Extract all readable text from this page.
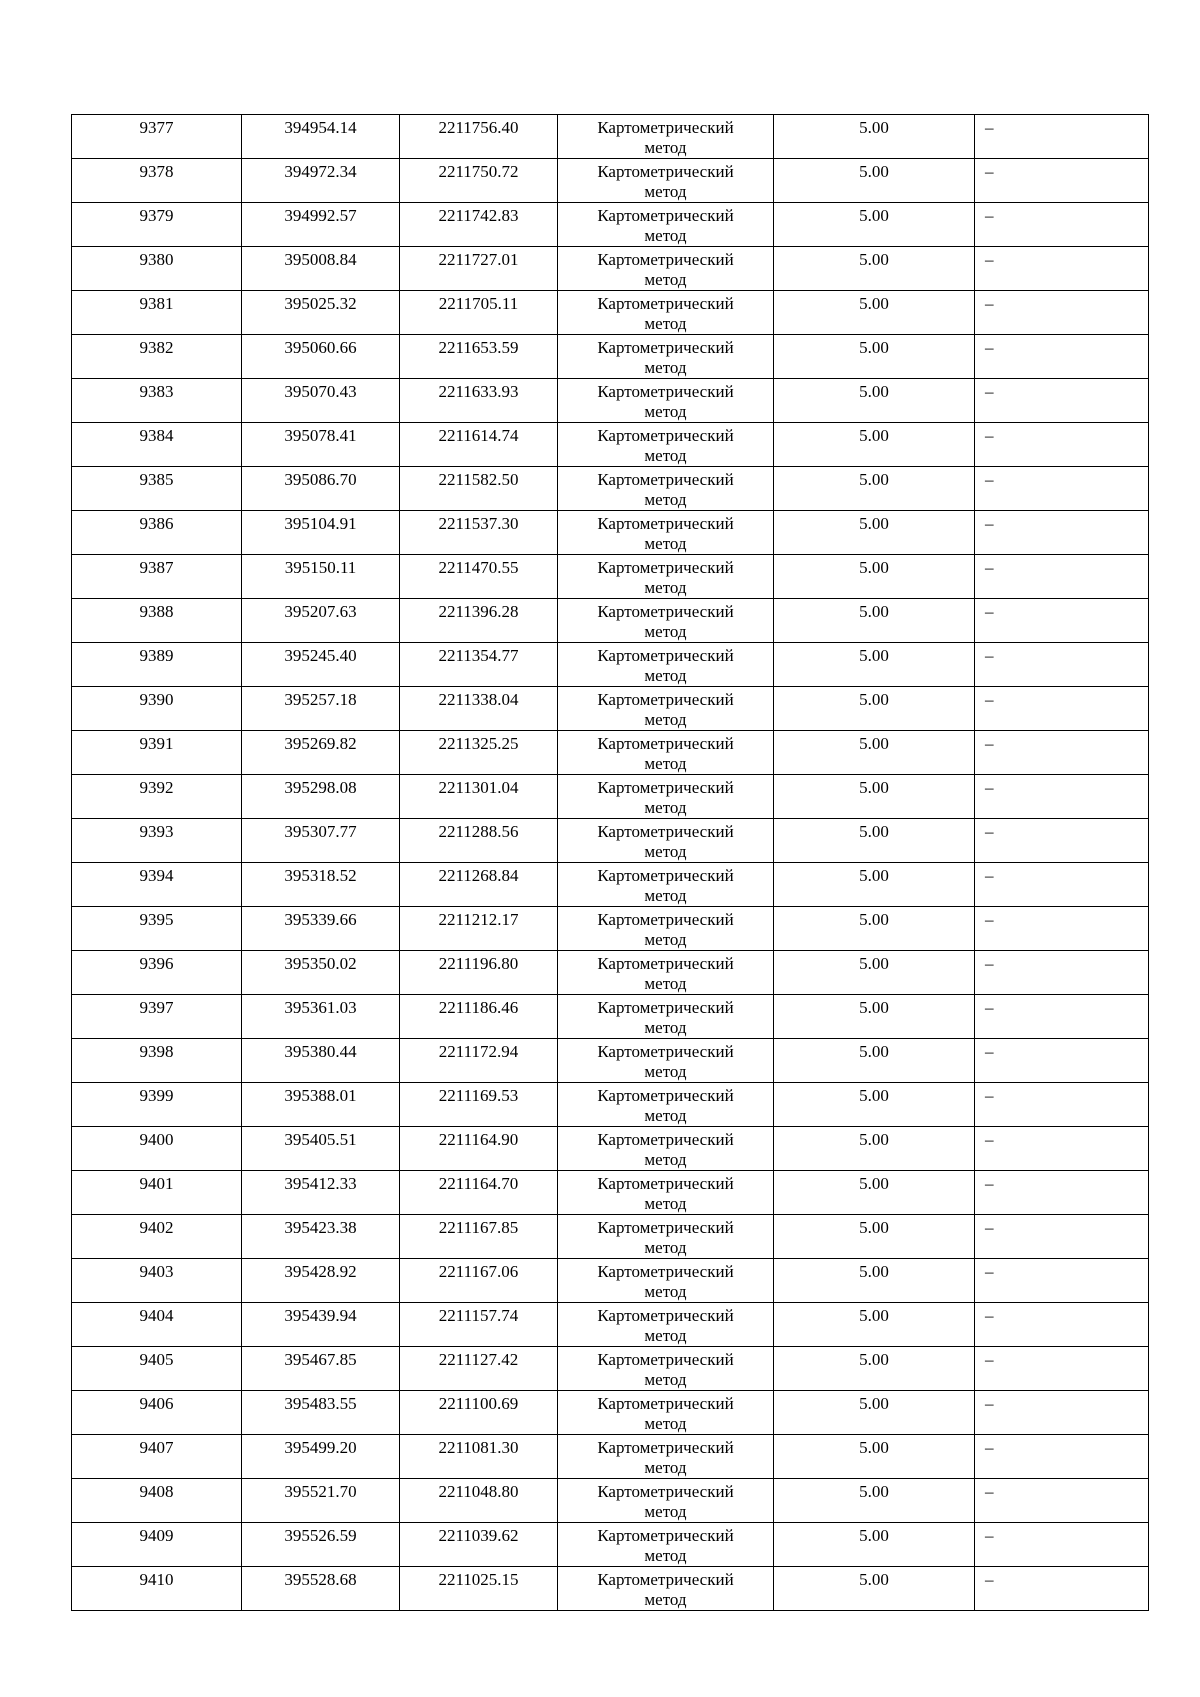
9377	394954.14	2211756.40	Картометрический
метод	5.00	–

9378	394972.34	2211750.72	Картометрический
метод	5.00	–

9379	394992.57	2211742.83	Картометрический
метод	5.00	–

9380	395008.84	2211727.01	Картометрический
метод	5.00	–

9381	395025.32	2211705.11	Картометрический
метод	5.00	–

9382	395060.66	2211653.59	Картометрический
метод	5.00	–

9383	395070.43	2211633.93	Картометрический
метод	5.00	–

9384	395078.41	2211614.74	Картометрический
метод	5.00	–

9385	395086.70	2211582.50	Картометрический
метод	5.00	–

9386	395104.91	2211537.30	Картометрический
метод	5.00	–

9387	395150.11	2211470.55	Картометрический
метод	5.00	–

9388	395207.63	2211396.28	Картометрический
метод	5.00	–

9389	395245.40	2211354.77	Картометрический
метод	5.00	–

9390	395257.18	2211338.04	Картометрический
метод	5.00	–

9391	395269.82	2211325.25	Картометрический
метод	5.00	–

9392	395298.08	2211301.04	Картометрический
метод	5.00	–

9393	395307.77	2211288.56	Картометрический
метод	5.00	–

9394	395318.52	2211268.84	Картометрический
метод	5.00	–

9395	395339.66	2211212.17	Картометрический
метод	5.00	–

9396	395350.02	2211196.80	Картометрический
метод	5.00	–

9397	395361.03	2211186.46	Картометрический
метод	5.00	–

9398	395380.44	2211172.94	Картометрический
метод	5.00	–

9399	395388.01	2211169.53	Картометрический
метод	5.00	–

9400	395405.51	2211164.90	Картометрический
метод	5.00	–

9401	395412.33	2211164.70	Картометрический
метод	5.00	–

9402	395423.38	2211167.85	Картометрический
метод	5.00	–

9403	395428.92	2211167.06	Картометрический
метод	5.00	–

9404	395439.94	2211157.74	Картометрический
метод	5.00	–

9405	395467.85	2211127.42	Картометрический
метод	5.00	–

9406	395483.55	2211100.69	Картометрический
метод	5.00	–

9407	395499.20	2211081.30	Картометрический
метод	5.00	–

9408	395521.70	2211048.80	Картометрический
метод	5.00	–

9409	395526.59	2211039.62	Картометрический
метод	5.00	–

9410	395528.68	2211025.15	Картометрический
метод	5.00	–
